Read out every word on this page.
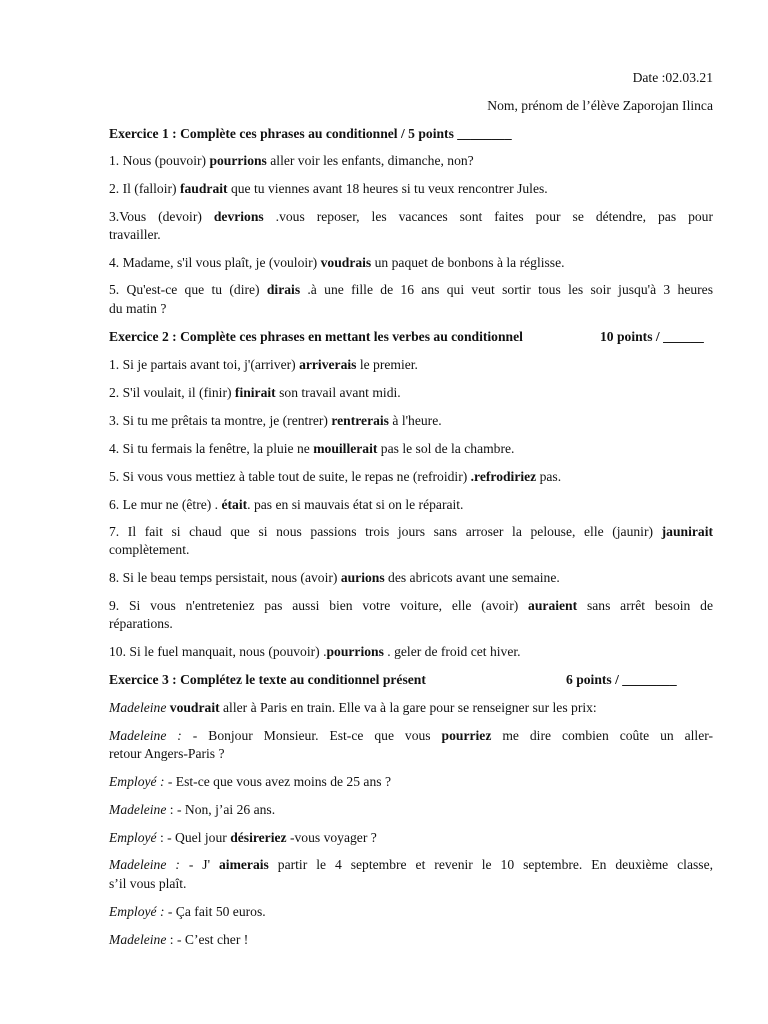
Date :02.03.21
Nom, prénom de l’élève Zaporojan Ilinca
Exercice 1 : Complète ces phrases au conditionnel / 5 points ________
1. Nous (pouvoir) pourrions aller voir les enfants, dimanche, non?
2. Il (falloir) faudrait que tu viennes avant 18 heures si tu veux rencontrer Jules.
3.Vous (devoir) devrions .vous reposer, les vacances sont faites pour se détendre, pas pour
travailler.
4. Madame, s'il vous plaît, je (vouloir) voudrais un paquet de bonbons à la réglisse.
5. Qu'est-ce que tu (dire) dirais .à une fille de 16 ans qui veut sortir tous les soir jusqu'à 3 heures
du matin ?
Exercice 2 : Complète ces phrases en mettant les verbes au conditionnel	10 points / ______
1. Si je partais avant toi, j'(arriver) arriverais le premier.
2. S'il voulait, il (finir) finirait son travail avant midi.
3. Si tu me prêtais ta montre, je (rentrer) rentrerais à l'heure.
4. Si tu fermais la fenêtre, la pluie ne mouillerait pas le sol de la chambre.
5. Si vous vous mettiez à table tout de suite, le repas ne (refroidir) .refrodiriez pas.
6. Le mur ne (être) . était. pas en si mauvais état si on le réparait.
7. Il fait si chaud que si nous passions trois jours sans arroser la pelouse, elle (jaunir) jaunirait
complètement.
8. Si le beau temps persistait, nous (avoir) aurions des abricots avant une semaine.
9. Si vous n'entreteniez pas aussi bien votre voiture, elle (avoir) auraient sans arrêt besoin de
réparations.
10. Si le fuel manquait, nous (pouvoir) .pourrions . geler de froid cet hiver.
Exercice 3 : Complétez le texte au conditionnel présent	6 points / ________
Madeleine voudrait aller à Paris en train. Elle va à la gare pour se renseigner sur les prix:
Madeleine : - Bonjour Monsieur. Est-ce que vous pourriez me dire combien coûte un aller-
retour Angers-Paris ?
Employé : - Est-ce que vous avez moins de 25 ans ?
Madeleine : - Non, j’ai 26 ans.
Employé : - Quel jour désireriez -vous voyager ?
Madeleine : - J' aimerais partir le 4 septembre et revenir le 10 septembre. En deuxième classe,
s’il vous plaît.
Employé : - Ça fait 50 euros.
Madeleine : - C’est cher !
